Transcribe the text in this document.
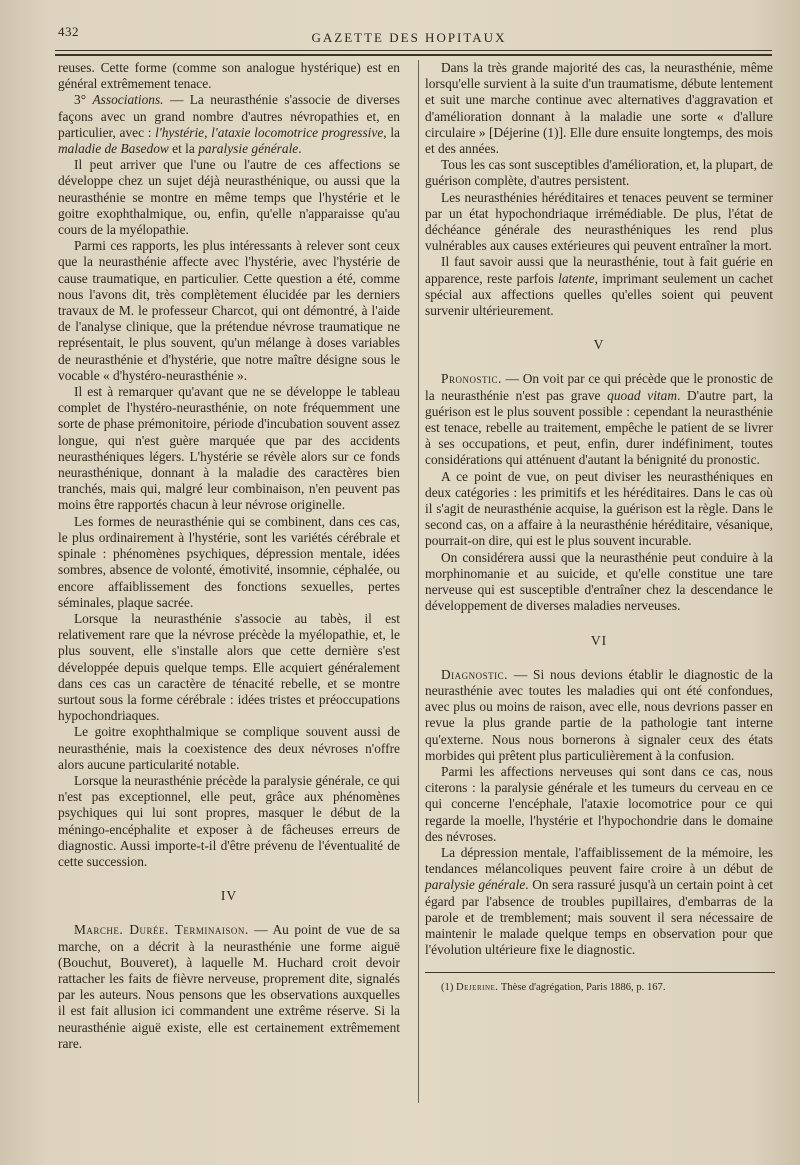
432	GAZETTE DES HOPITAUX

reuses. Cette forme (comme son analogue hystérique) est en général extrêmement tenace.

3° Associations. — La neurasthénie s'associe de diverses façons avec un grand nombre d'autres névropathies et, en particulier, avec : l'hystérie, l'ataxie locomotrice progressive, la maladie de Basedow et la paralysie générale.

Il peut arriver que l'une ou l'autre de ces affections se développe chez un sujet déjà neurasthénique, ou aussi que la neurasthénie se montre en même temps que l'hystérie et le goitre exophthalmique, ou, enfin, qu'elle n'apparaisse qu'au cours de la myélopathie.

Parmi ces rapports, les plus intéressants à relever sont ceux que la neurasthénie affecte avec l'hystérie, avec l'hystérie de cause traumatique, en particulier. Cette question a été, comme nous l'avons dit, très complètement élucidée par les derniers travaux de M. le professeur Charcot, qui ont démontré, à l'aide de l'analyse clinique, que la prétendue névrose traumatique ne représentait, le plus souvent, qu'un mélange à doses variables de neurasthénie et d'hystérie, que notre maître désigne sous le vocable « d'hystéro-neurasthénie ».

Il est à remarquer qu'avant que ne se développe le tableau complet de l'hystéro-neurasthénie, on note fréquemment une sorte de phase prémonitoire, période d'incubation souvent assez longue, qui n'est guère marquée que par des accidents neurasthéniques légers. L'hystérie se révèle alors sur ce fonds neurasthénique, donnant à la maladie des caractères bien tranchés, mais qui, malgré leur combinaison, n'en peuvent pas moins être rapportés chacun à leur névrose originelle.

Les formes de neurasthénie qui se combinent, dans ces cas, le plus ordinairement à l'hystérie, sont les variétés cérébrale et spinale : phénomènes psychiques, dépression mentale, idées sombres, absence de volonté, émotivité, insomnie, céphalée, ou encore affaiblissement des fonctions sexuelles, pertes séminales, plaque sacrée.

Lorsque la neurasthénie s'associe au tabès, il est relativement rare que la névrose précède la myélopathie, et, le plus souvent, elle s'installe alors que cette dernière s'est développée depuis quelque temps. Elle acquiert généralement dans ces cas un caractère de ténacité rebelle, et se montre surtout sous la forme cérébrale : idées tristes et préoccupations hypochondriaques.

Le goitre exophthalmique se complique souvent aussi de neurasthénie, mais la coexistence des deux névroses n'offre alors aucune particularité notable.

Lorsque la neurasthénie précède la paralysie générale, ce qui n'est pas exceptionnel, elle peut, grâce aux phénomènes psychiques qui lui sont propres, masquer le début de la méningo-encéphalite et exposer à de fâcheuses erreurs de diagnostic. Aussi importe-t-il d'être prévenu de l'éventualité de cette succession.

IV

Marche. Durée. Terminaison. — Au point de vue de sa marche, on a décrit à la neurasthénie une forme aiguë (Bouchut, Bouveret), à laquelle M. Huchard croit devoir rattacher les faits de fièvre nerveuse, proprement dite, signalés par les auteurs. Nous pensons que les observations auxquelles il est fait allusion ici commandent une extrême réserve. Si la neurasthénie aiguë existe, elle est certainement extrêmement rare.

Dans la très grande majorité des cas, la neurasthénie, même lorsqu'elle survient à la suite d'un traumatisme, débute lentement et suit une marche continue avec alternatives d'aggravation et d'amélioration donnant à la maladie une sorte « d'allure circulaire » [Déjerine (1)]. Elle dure ensuite longtemps, des mois et des années.

Tous les cas sont susceptibles d'amélioration, et, la plupart, de guérison complète, d'autres persistent.

Les neurasthénies héréditaires et tenaces peuvent se terminer par un état hypochondriaque irrémédiable. De plus, l'état de déchéance générale des neurasthéniques les rend plus vulnérables aux causes extérieures qui peuvent entraîner la mort.

Il faut savoir aussi que la neurasthénie, tout à fait guérie en apparence, reste parfois latente, imprimant seulement un cachet spécial aux affections quelles qu'elles soient qui peuvent survenir ultérieurement.

V

Pronostic. — On voit par ce qui précède que le pronostic de la neurasthénie n'est pas grave quoad vitam. D'autre part, la guérison est le plus souvent possible : cependant la neurasthénie est tenace, rebelle au traitement, empêche le patient de se livrer à ses occupations, et peut, enfin, durer indéfiniment, toutes considérations qui atténuent d'autant la bénignité du pronostic.

A ce point de vue, on peut diviser les neurasthéniques en deux catégories : les primitifs et les héréditaires. Dans le cas où il s'agit de neurasthénie acquise, la guérison est la règle. Dans le second cas, on a affaire à la neurasthénie héréditaire, vésanique, pourrait-on dire, qui est le plus souvent incurable.

On considérera aussi que la neurasthénie peut conduire à la morphinomanie et au suicide, et qu'elle constitue une tare nerveuse qui est susceptible d'entraîner chez la descendance le développement de diverses maladies nerveuses.

VI

Diagnostic. — Si nous devions établir le diagnostic de la neurasthénie avec toutes les maladies qui ont été confondues, avec plus ou moins de raison, avec elle, nous devrions passer en revue la plus grande partie de la pathologie tant interne qu'externe. Nous nous bornerons à signaler ceux des états morbides qui prêtent plus particulièrement à la confusion.

Parmi les affections nerveuses qui sont dans ce cas, nous citerons : la paralysie générale et les tumeurs du cerveau en ce qui concerne l'encéphale, l'ataxie locomotrice pour ce qui regarde la moelle, l'hystérie et l'hypochondrie dans le domaine des névroses.

La dépression mentale, l'affaiblissement de la mémoire, les tendances mélancoliques peuvent faire croire à un début de paralysie générale. On sera rassuré jusqu'à un certain point à cet égard par l'absence de troubles pupillaires, d'embarras de la parole et de tremblement; mais souvent il sera nécessaire de maintenir le malade quelque temps en observation pour que l'évolution ultérieure fixe le diagnostic.

(1) Dejerine. Thèse d'agrégation, Paris 1886, p. 167.
